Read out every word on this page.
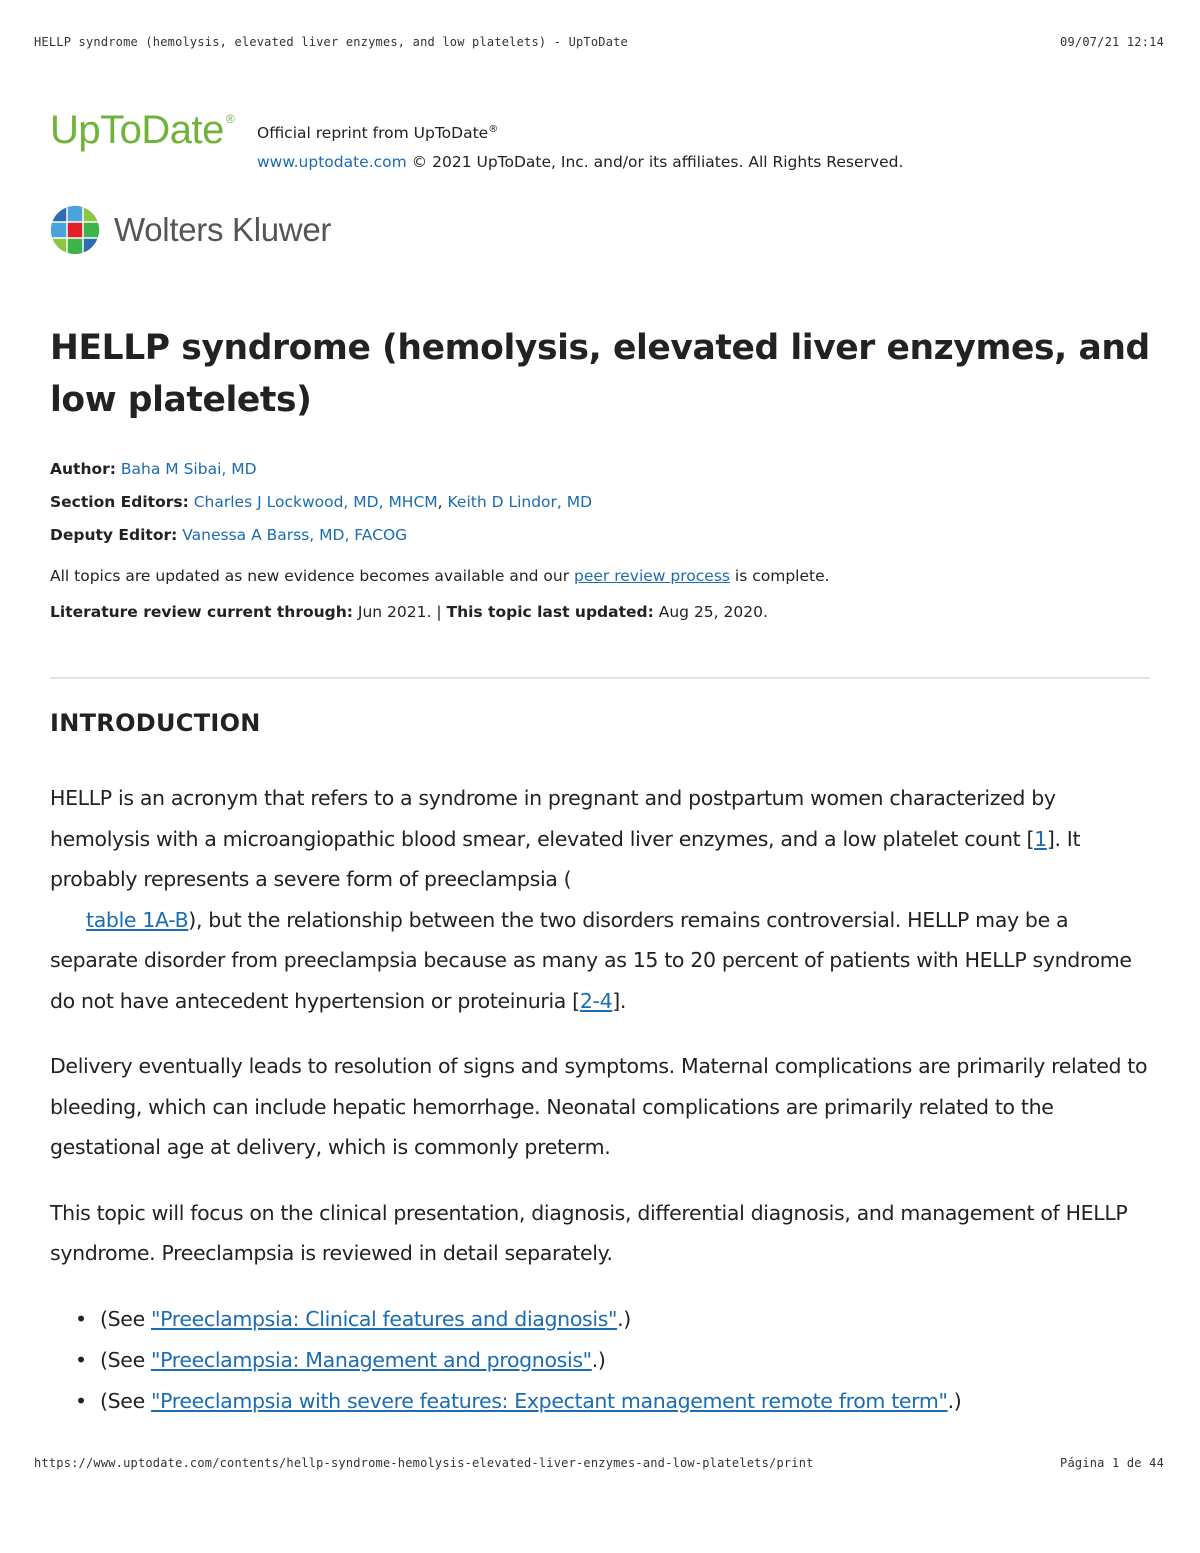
HELLP syndrome (hemolysis, elevated liver enzymes, and low platelets) - UpToDate	09/07/21 12:14
UpToDate®
Official reprint from UpToDate®
www.uptodate.com © 2021 UpToDate, Inc. and/or its affiliates. All Rights Reserved.
Wolters Kluwer
HELLP syndrome (hemolysis, elevated liver enzymes, and low platelets)
Author: Baha M Sibai, MD
Section Editors: Charles J Lockwood, MD, MHCM, Keith D Lindor, MD
Deputy Editor: Vanessa A Barss, MD, FACOG
All topics are updated as new evidence becomes available and our peer review process is complete.
Literature review current through: Jun 2021. | This topic last updated: Aug 25, 2020.
INTRODUCTION

HELLP is an acronym that refers to a syndrome in pregnant and postpartum women characterized by hemolysis with a microangiopathic blood smear, elevated liver enzymes, and a low platelet count [1]. It probably represents a severe form of preeclampsia (
table 1A-B), but the relationship between the two disorders remains controversial. HELLP may be a separate disorder from preeclampsia because as many as 15 to 20 percent of patients with HELLP syndrome do not have antecedent hypertension or proteinuria [2-4].

Delivery eventually leads to resolution of signs and symptoms. Maternal complications are primarily related to bleeding, which can include hepatic hemorrhage. Neonatal complications are primarily related to the gestational age at delivery, which is commonly preterm.

This topic will focus on the clinical presentation, diagnosis, differential diagnosis, and management of HELLP syndrome. Preeclampsia is reviewed in detail separately.

• (See "Preeclampsia: Clinical features and diagnosis".)
• (See "Preeclampsia: Management and prognosis".)
• (See "Preeclampsia with severe features: Expectant management remote from term".)
https://www.uptodate.com/contents/hellp-syndrome-hemolysis-elevated-liver-enzymes-and-low-platelets/print	Página 1 de 44
